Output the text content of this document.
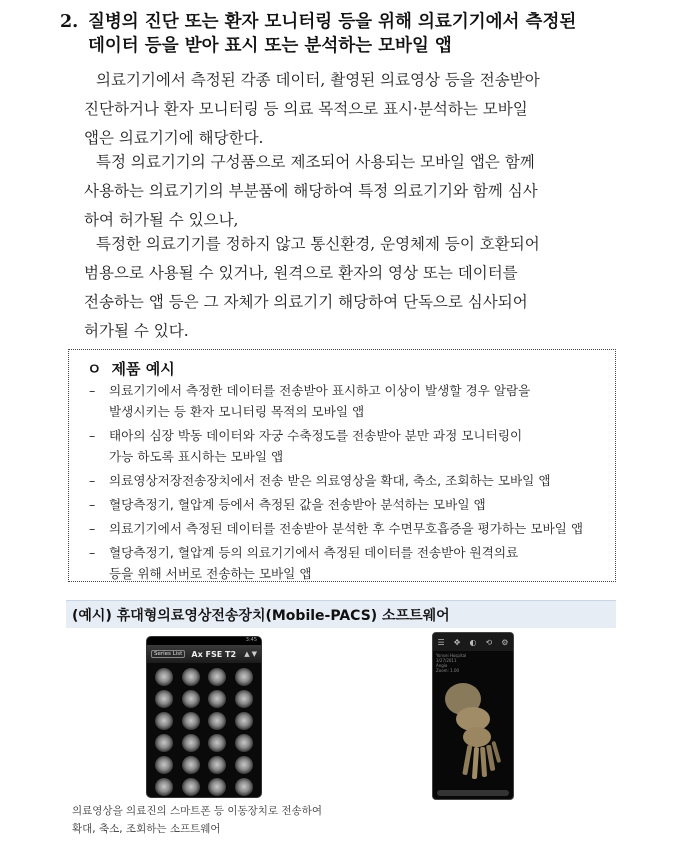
2. 질병의 진단 또는 환자 모니터링 등을 위해 의료기기에서 측정된
데이터 등을 받아 표시 또는 분석하는 모바일 앱
의료기기에서 측정된 각종 데이터, 촬영된 의료영상 등을 전송받아
진단하거나 환자 모니터링 등 의료 목적으로 표시·분석하는 모바일
앱은 의료기기에 해당한다.
특정 의료기기의 구성품으로 제조되어 사용되는 모바일 앱은 함께
사용하는 의료기기의 부분품에 해당하여 특정 의료기기와 함께 심사
하여 허가될 수 있으나,
특정한 의료기기를 정하지 않고 통신환경, 운영체제 등이 호환되어
범용으로 사용될 수 있거나, 원격으로 환자의 영상 또는 데이터를
전송하는 앱 등은 그 자체가 의료기기 해당하여 단독으로 심사되어
허가될 수 있다.
ㅇ 제품 예시
– 의료기기에서 측정한 데이터를 전송받아 표시하고 이상이 발생할 경우 알람을
발생시키는 등 환자 모니터링 목적의 모바일 앱
– 태아의 심장 박동 데이터와 자궁 수축정도를 전송받아 분만 과정 모니터링이
가능 하도록 표시하는 모바일 앱
– 의료영상저장전송장치에서 전송 받은 의료영상을 확대, 축소, 조회하는 모바일 앱
– 혈당측정기, 혈압계 등에서 측정된 값을 전송받아 분석하는 모바일 앱
– 의료기기에서 측정된 데이터를 전송받아 분석한 후 수면무호흡증을 평가하는 모바일 앱
– 혈당측정기, 혈압계 등의 의료기기에서 측정된 데이터를 전송받아 원격의료
등을 위해 서버로 전송하는 모바일 앱
(예시) 휴대형의료영상전송장치(Mobile-PACS) 소프트웨어
3:45
Series List	Ax FSE T2	▲ ▼
☰ ✥ ◐ ⟲ ⚙
Yonsei Hospital
3/27/2011
Angio
Zoom: 1.00
의료영상을 의료진의 스마트폰 등 이동장치로 전송하여
확대, 축소, 조회하는 소프트웨어
